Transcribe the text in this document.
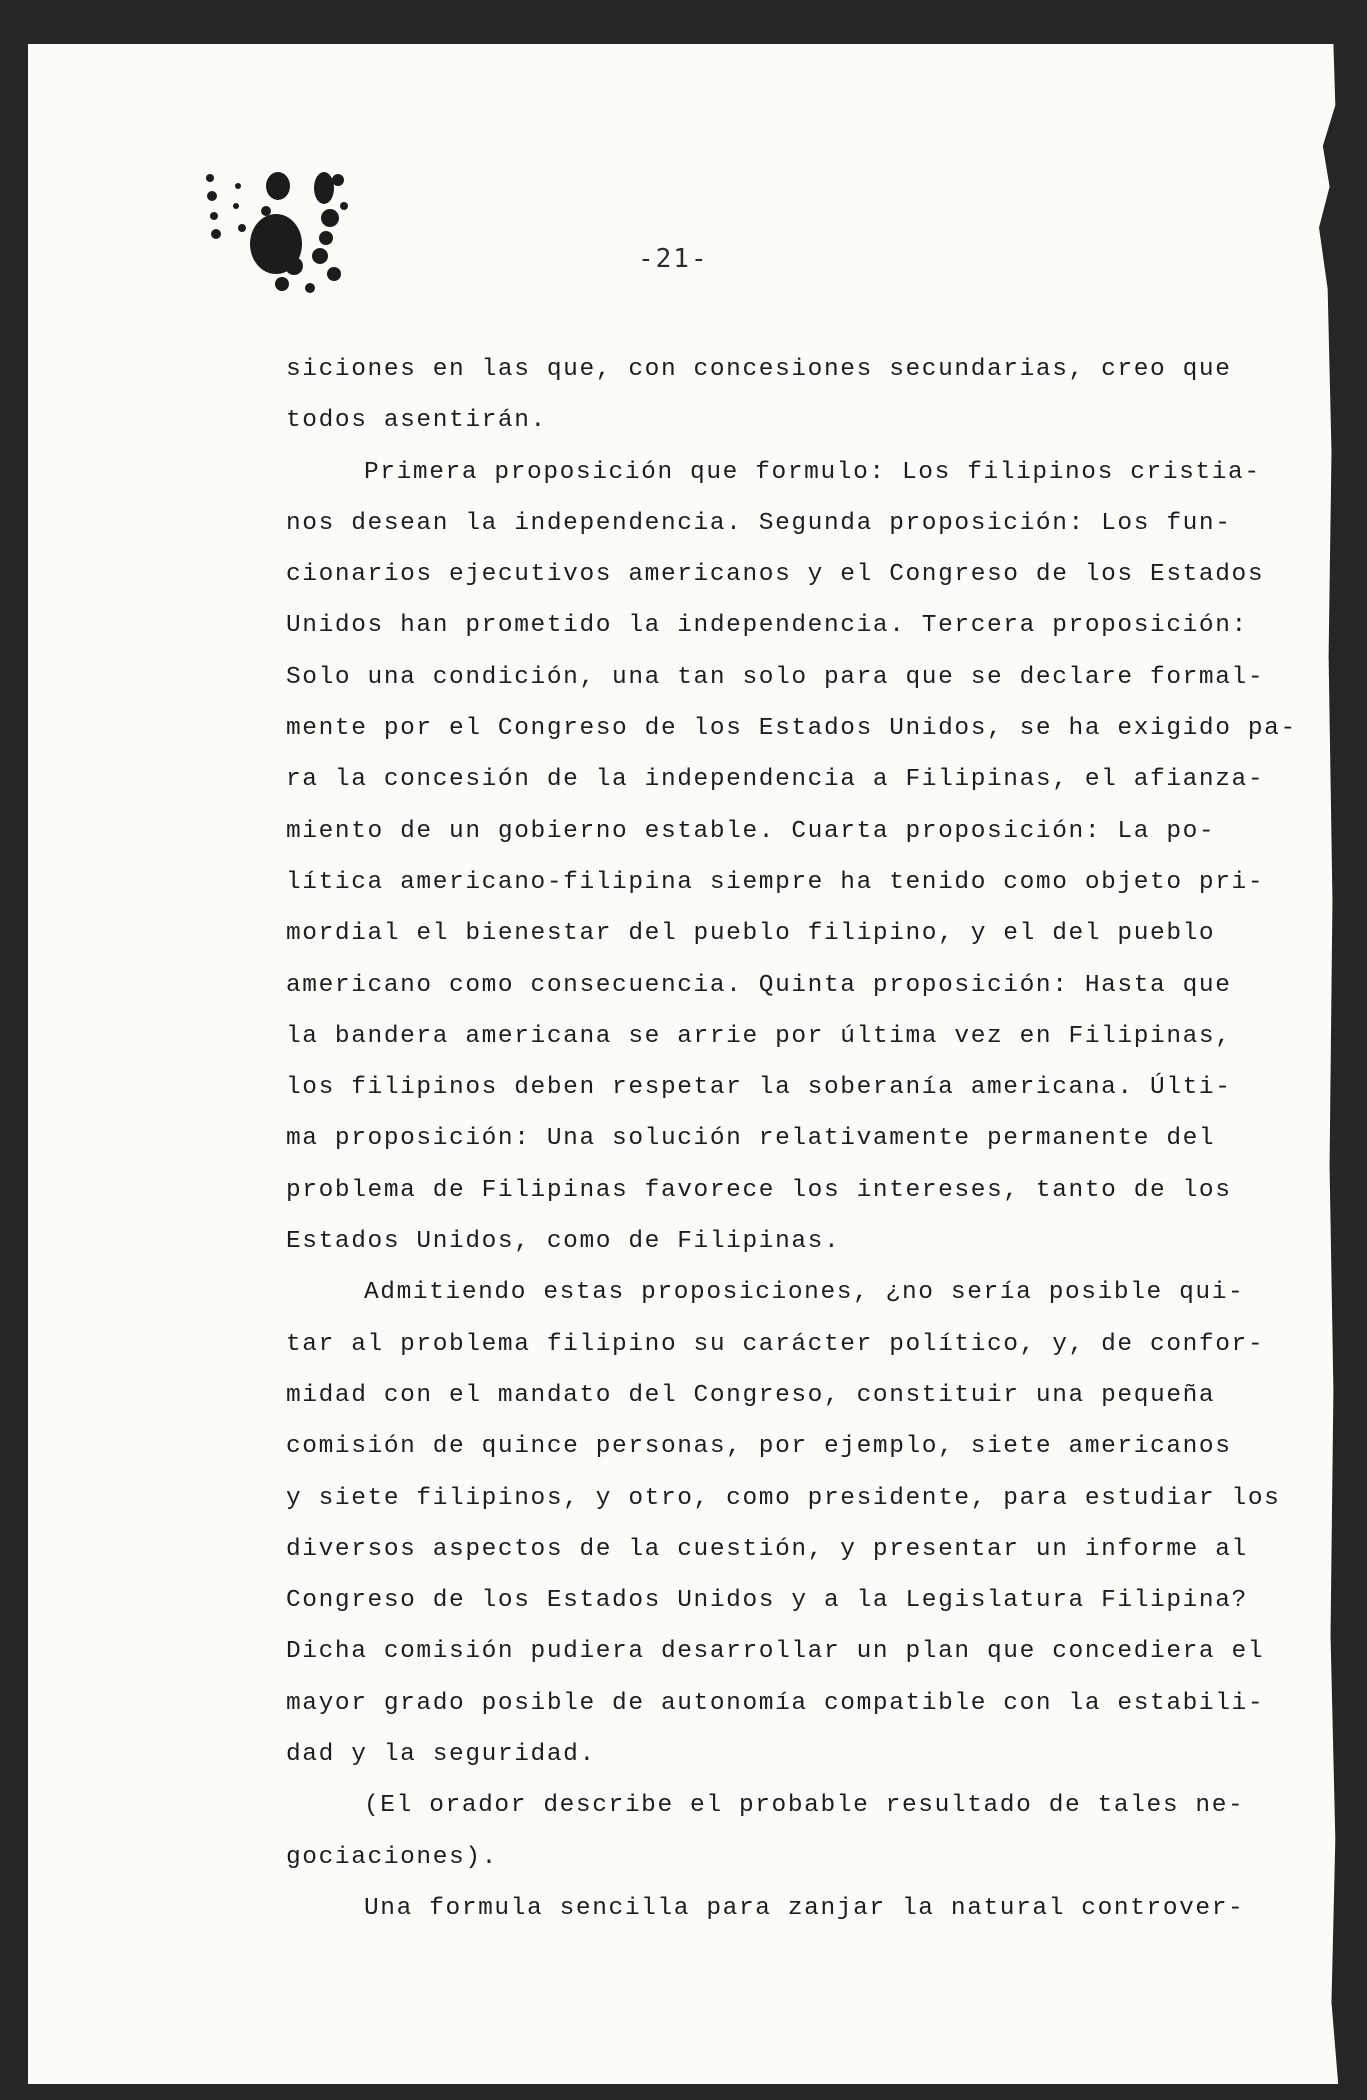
-21-
siciones en las que, con concesiones secundarias, creo que
todos asentirán.
Primera proposición que formulo: Los filipinos cristia-
nos desean la independencia. Segunda proposición: Los fun-
cionarios ejecutivos americanos y el Congreso de los Estados
Unidos han prometido la independencia. Tercera proposición:
Solo una condición, una tan solo para que se declare formal-
mente por el Congreso de los Estados Unidos, se ha exigido pa-
ra la concesión de la independencia a Filipinas, el afianza-
miento de un gobierno estable. Cuarta proposición: La po-
lítica americano-filipina siempre ha tenido como objeto pri-
mordial el bienestar del pueblo filipino, y el del pueblo
americano como consecuencia. Quinta proposición: Hasta que
la bandera americana se arrie por última vez en Filipinas,
los filipinos deben respetar la soberanía americana. Últi-
ma proposición: Una solución relativamente permanente del
problema de Filipinas favorece los intereses, tanto de los
Estados Unidos, como de Filipinas.
Admitiendo estas proposiciones, ¿no sería posible qui-
tar al problema filipino su carácter político, y, de confor-
midad con el mandato del Congreso, constituir una pequeña
comisión de quince personas, por ejemplo, siete americanos
y siete filipinos, y otro, como presidente, para estudiar los
diversos aspectos de la cuestión, y presentar un informe al
Congreso de los Estados Unidos y a la Legislatura Filipina?
Dicha comisión pudiera desarrollar un plan que concediera el
mayor grado posible de autonomía compatible con la estabili-
dad y la seguridad.
(El orador describe el probable resultado de tales ne-
gociaciones).
Una formula sencilla para zanjar la natural controver-
